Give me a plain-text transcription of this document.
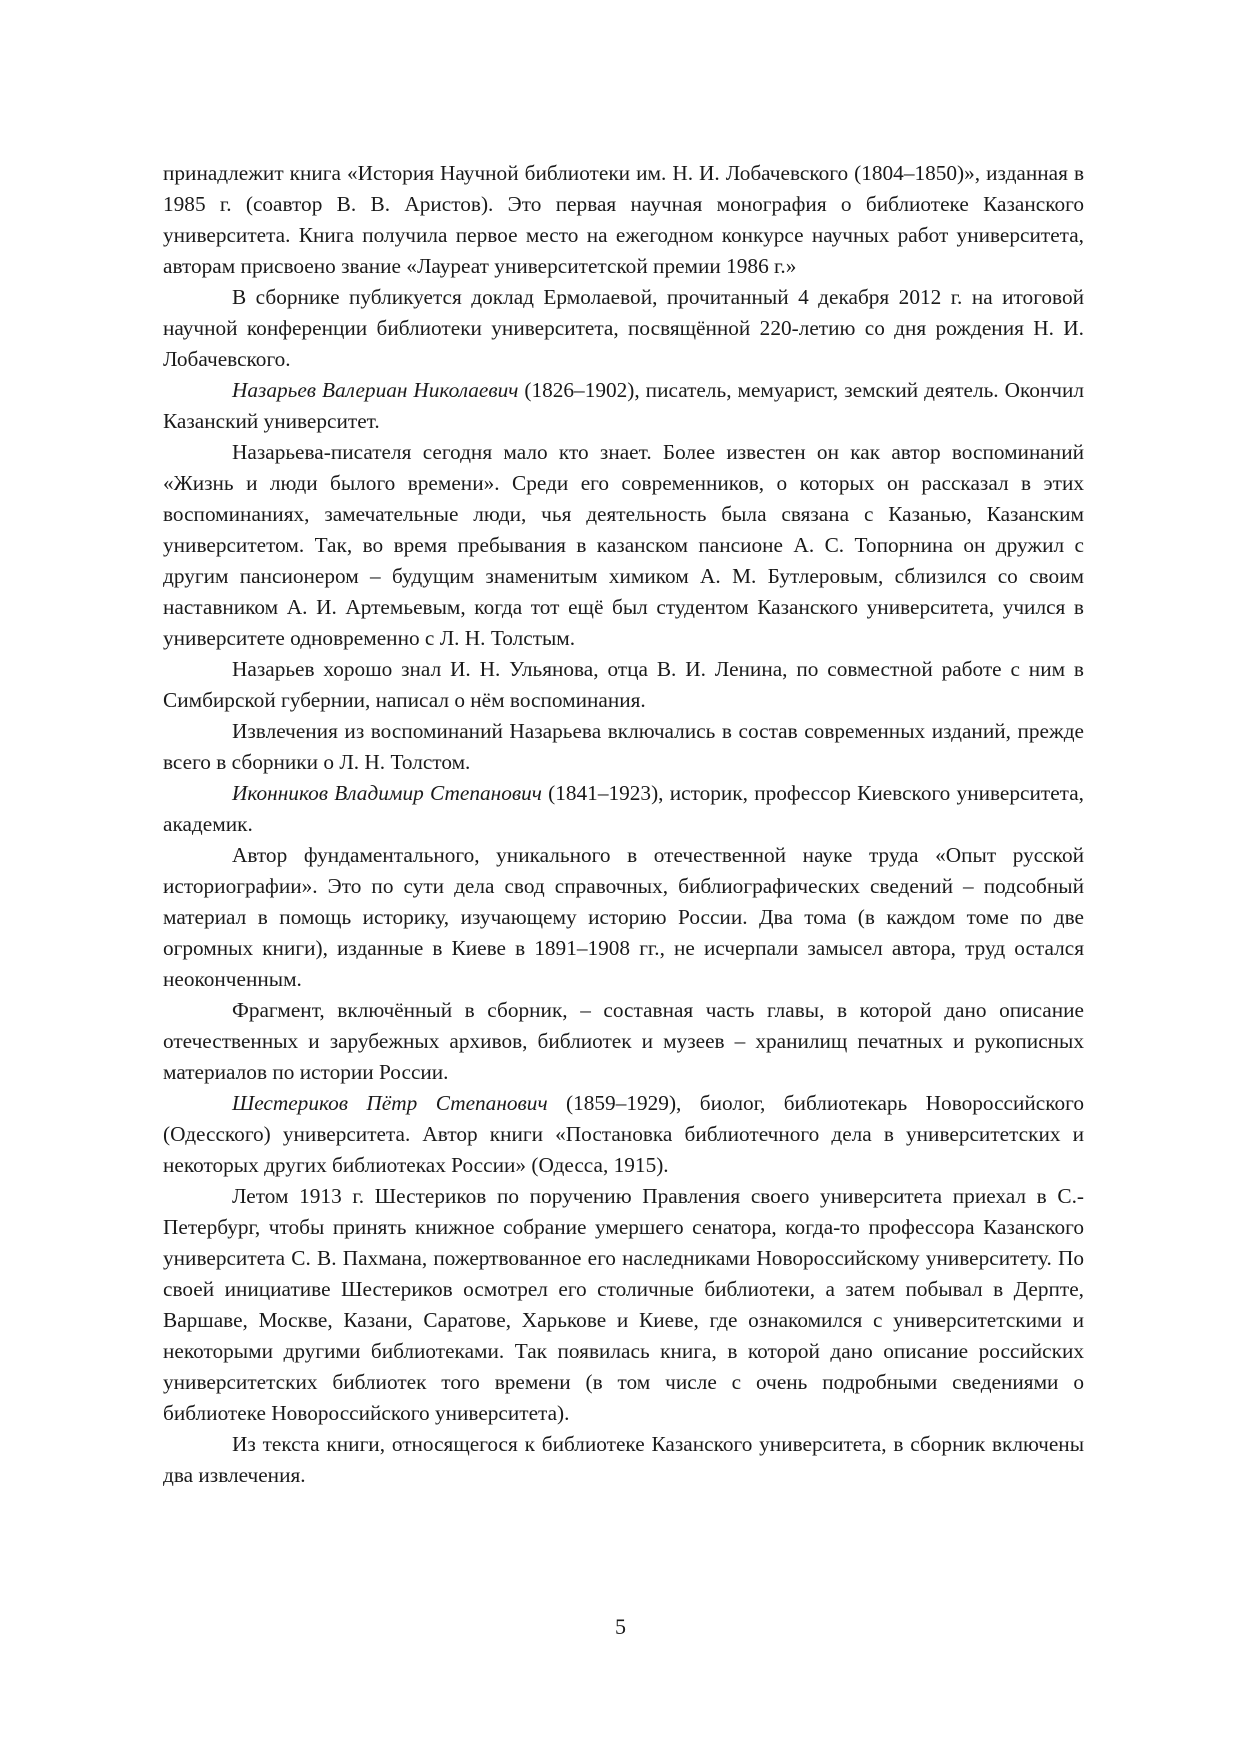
принадлежит книга «История Научной библиотеки им. Н. И. Лобачевского (1804–1850)», изданная в 1985 г. (соавтор В. В. Аристов). Это первая научная монография о библиотеке Казанского университета. Книга получила первое место на ежегодном конкурсе научных работ университета, авторам присвоено звание «Лауреат университетской премии 1986 г.»

В сборнике публикуется доклад Ермолаевой, прочитанный 4 декабря 2012 г. на итоговой научной конференции библиотеки университета, посвящённой 220-летию со дня рождения Н. И. Лобачевского.

Назарьев Валериан Николаевич (1826–1902), писатель, мемуарист, земский деятель. Окончил Казанский университет.

Назарьева-писателя сегодня мало кто знает. Более известен он как автор воспоминаний «Жизнь и люди былого времени». Среди его современников, о которых он рассказал в этих воспоминаниях, замечательные люди, чья деятельность была связана с Казанью, Казанским университетом. Так, во время пребывания в казанском пансионе А. С. Топорнина он дружил с другим пансионером – будущим знаменитым химиком А. М. Бутлеровым, сблизился со своим наставником А. И. Артемьевым, когда тот ещё был студентом Казанского университета, учился в университете одновременно с Л. Н. Толстым.

Назарьев хорошо знал И. Н. Ульянова, отца В. И. Ленина, по совместной работе с ним в Симбирской губернии, написал о нём воспоминания.

Извлечения из воспоминаний Назарьева включались в состав современных изданий, прежде всего в сборники о Л. Н. Толстом.

Иконников Владимир Степанович (1841–1923), историк, профессор Киевского университета, академик.

Автор фундаментального, уникального в отечественной науке труда «Опыт русской историографии». Это по сути дела свод справочных, библиографических сведений – подсобный материал в помощь историку, изучающему историю России. Два тома (в каждом томе по две огромных книги), изданные в Киеве в 1891–1908 гг., не исчерпали замысел автора, труд остался неоконченным.

Фрагмент, включённый в сборник, – составная часть главы, в которой дано описание отечественных и зарубежных архивов, библиотек и музеев – хранилищ печатных и рукописных материалов по истории России.

Шестериков Пётр Степанович (1859–1929), биолог, библиотекарь Новороссийского (Одесского) университета. Автор книги «Постановка библиотечного дела в университетских и некоторых других библиотеках России» (Одесса, 1915).

Летом 1913 г. Шестериков по поручению Правления своего университета приехал в С.-Петербург, чтобы принять книжное собрание умершего сенатора, когда-то профессора Казанского университета С. В. Пахмана, пожертвованное его наследниками Новороссийскому университету. По своей инициативе Шестериков осмотрел его столичные библиотеки, а затем побывал в Дерпте, Варшаве, Москве, Казани, Саратове, Харькове и Киеве, где ознакомился с университетскими и некоторыми другими библиотеками. Так появилась книга, в которой дано описание российских университетских библиотек того времени (в том числе с очень подробными сведениями о библиотеке Новороссийского университета).

Из текста книги, относящегося к библиотеке Казанского университета, в сборник включены два извлечения.

5
